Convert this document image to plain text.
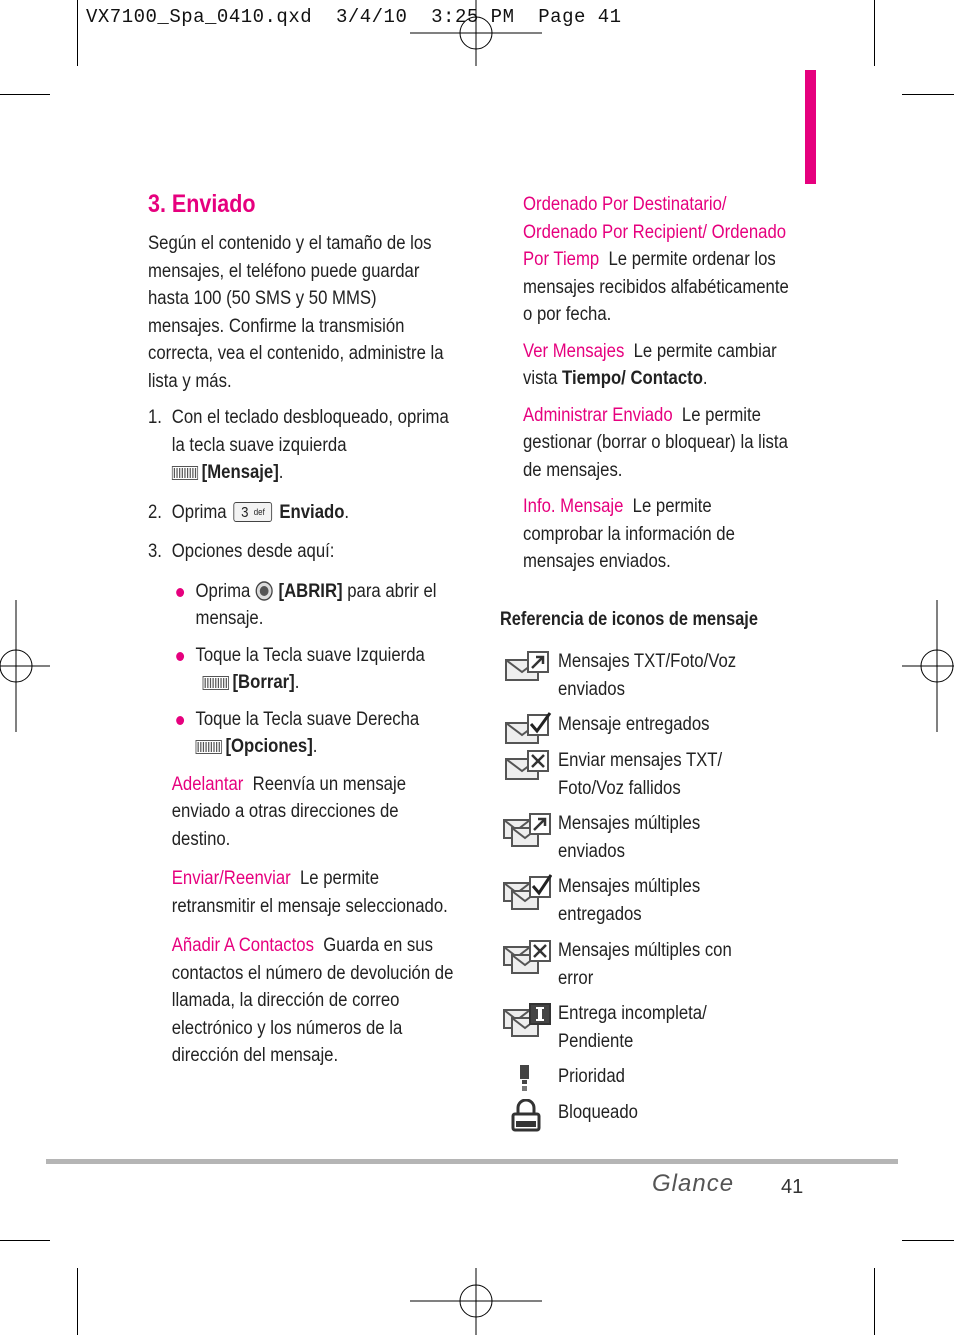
VX7100_Spa_0410.qxd  3/4/10  3:25 PM  Page 41
3. Enviado

Según el contenido y el tamaño de los mensajes, el teléfono puede guardar hasta 100 (50 SMS y 50 MMS) mensajes. Confirme la transmisión correcta, vea el contenido, administre la lista y más.

1. Con el teclado desbloqueado, oprima la tecla suave izquierda
[Mensaje].
2. Oprima 3 def Enviado.
3. Opciones desde aquí:
Oprima [ABRIR] para abrir el mensaje.
Toque la Tecla suave Izquierda [Borrar].
Toque la Tecla suave Derecha
[Opciones].

Adelantar Reenvía un mensaje enviado a otras direcciones de destino.

Enviar/Reenviar Le permite retransmitir el mensaje seleccionado.

Añadir A Contactos Guarda en sus contactos el número de devolución de llamada, la dirección de correo electrónico y los números de la dirección del mensaje.

Ordenado Por Destinatario/ Ordenado Por Recipient/ Ordenado Por Tiemp Le permite ordenar los mensajes recibidos alfabéticamente o por fecha.

Ver Mensajes Le permite cambiar vista Tiempo/ Contacto.

Administrar Enviado Le permite gestionar (borrar o bloquear) la lista de mensajes.

Info. Mensaje Le permite comprobar la información de mensajes enviados.

Referencia de iconos de mensaje
Mensajes TXT/Foto/Voz enviados
Mensaje entregados
Enviar mensajes TXT/ Foto/Voz fallidos
Mensajes múltiples enviados
Mensajes múltiples entregados
Mensajes múltiples con error
Entrega incompleta/ Pendiente
Prioridad
Bloqueado
Glance 41
